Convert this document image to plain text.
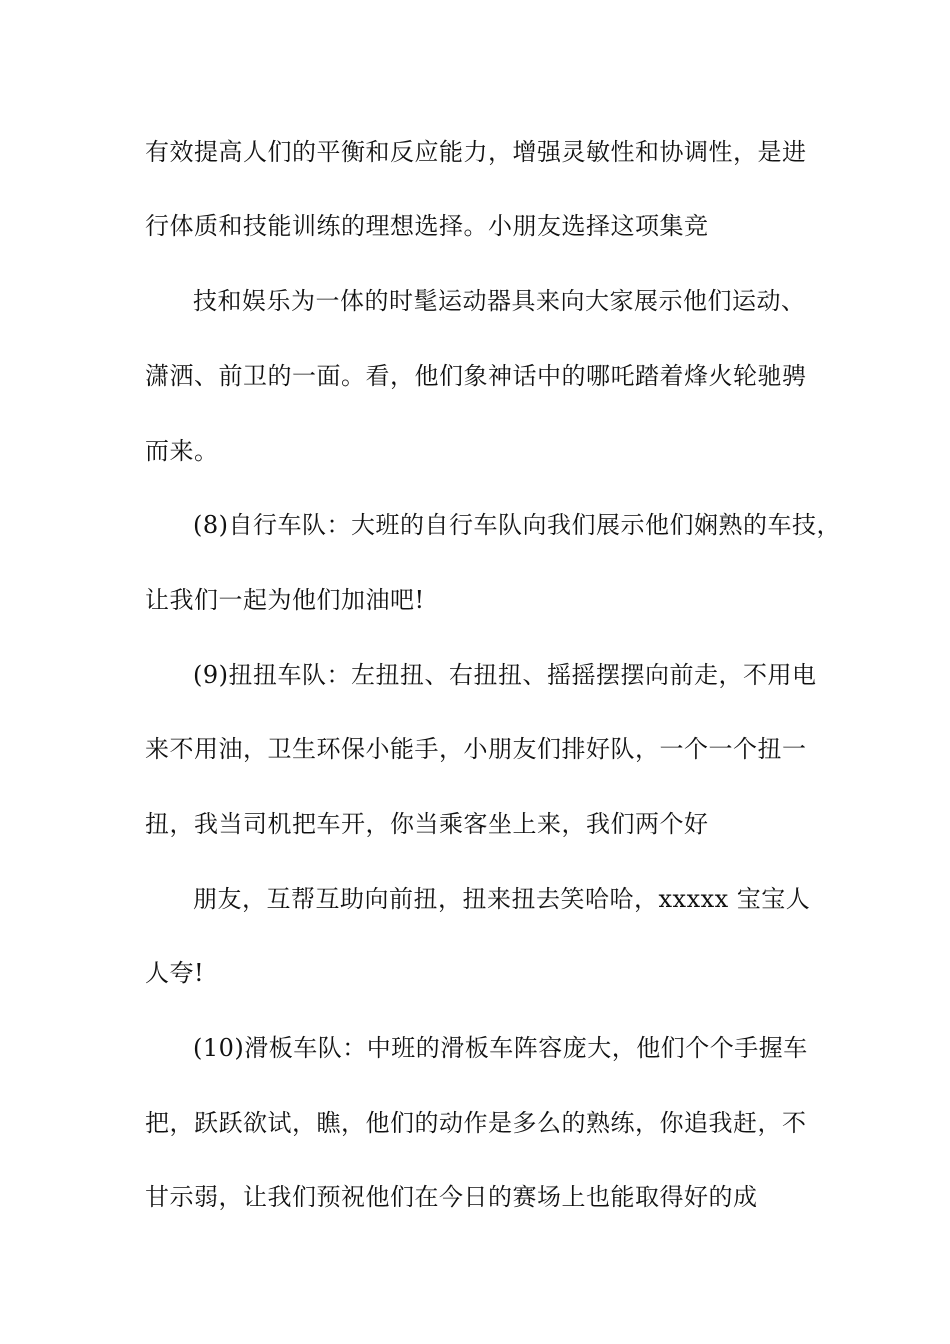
有效提高人们的平衡和反应能力，增强灵敏性和协调性，是进
行体质和技能训练的理想选择。小朋友选择这项集竞
技和娱乐为一体的时髦运动器具来向大家展示他们运动、
潇洒、前卫的一面。看，他们象神话中的哪吒踏着烽火轮驰骋
而来。
(8)自行车队：大班的自行车队向我们展示他们娴熟的车技，
让我们一起为他们加油吧!
(9)扭扭车队：左扭扭、右扭扭、摇摇摆摆向前走，不用电
来不用油，卫生环保小能手，小朋友们排好队，一个一个扭一
扭，我当司机把车开，你当乘客坐上来，我们两个好
朋友，互帮互助向前扭，扭来扭去笑哈哈，xxxxx 宝宝人
人夸!
(10)滑板车队：中班的滑板车阵容庞大，他们个个手握车
把，跃跃欲试，瞧，他们的动作是多么的熟练，你追我赶，不
甘示弱，让我们预祝他们在今日的赛场上也能取得好的成
